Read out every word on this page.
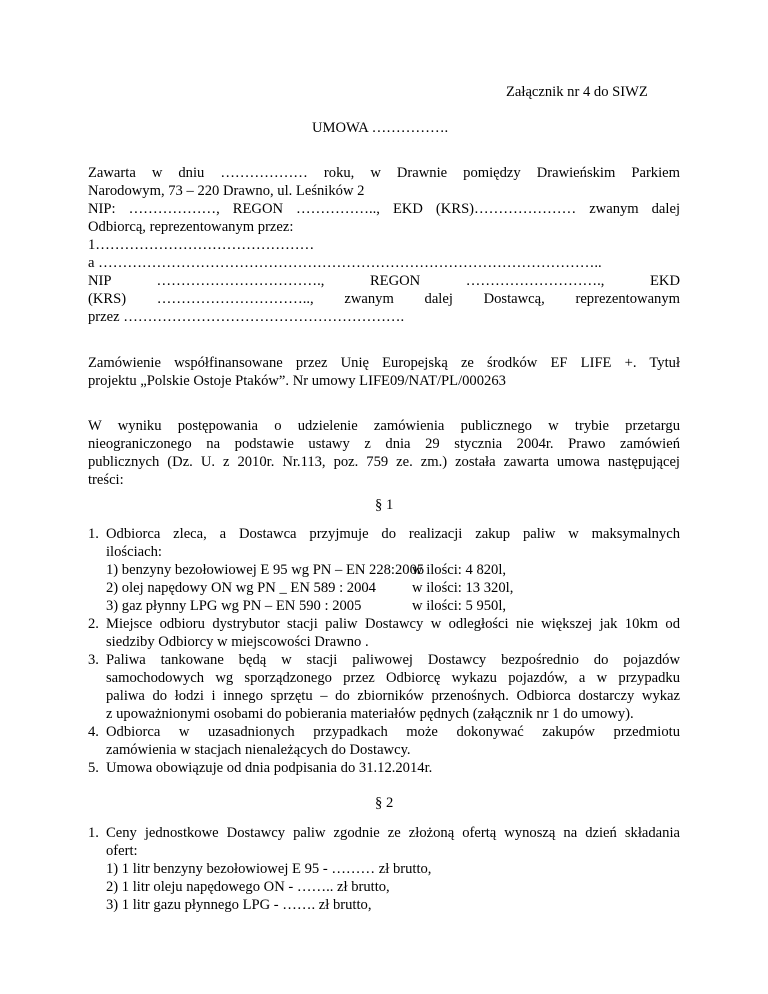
Załącznik nr 4 do SIWZ
UMOWA …………….
Zawarta w dniu ……………… roku, w Drawnie pomiędzy Drawieńskim Parkiem
Narodowym, 73 – 220 Drawno, ul. Leśników 2
NIP: ………………, REGON …………….., EKD (KRS)………………… zwanym dalej
Odbiorcą, reprezentowanym przez:
1………………………………………
a …………………………………………………………………………………………..
NIP ……………………………., REGON ………………………., EKD
(KRS) ………………………….., zwanym dalej Dostawcą, reprezentowanym
przez ………………………………………………….
Zamówienie współfinansowane przez Unię Europejską ze środków EF LIFE +. Tytuł
projektu „Polskie Ostoje Ptaków”. Nr umowy LIFE09/NAT/PL/000263
W wyniku postępowania o udzielenie zamówienia publicznego w trybie przetargu
nieograniczonego na podstawie ustawy z dnia 29 stycznia 2004r. Prawo zamówień
publicznych (Dz. U. z 2010r. Nr.113, poz. 759 ze. zm.) została zawarta umowa następującej
treści:
§ 1
1. Odbiorca zleca, a Dostawca przyjmuje do realizacji zakup paliw w maksymalnych
ilościach:
1) benzyny bezołowiowej E 95 wg PN – EN 228:2005
w ilości: 4 820l,
2) olej napędowy ON wg PN _ EN 589 : 2004 w ilości: 13 320l,
3) gaz płynny LPG wg PN – EN 590 : 2005	w ilości: 5 950l,
2. Miejsce odbioru dystrybutor stacji paliw Dostawcy w odległości nie większej jak 10km od
siedziby Odbiorcy w miejscowości Drawno .
3. Paliwa tankowane będą w stacji paliwowej Dostawcy bezpośrednio do pojazdów
samochodowych wg sporządzonego przez Odbiorcę wykazu pojazdów, a w przypadku
paliwa do łodzi i innego sprzętu – do zbiorników przenośnych. Odbiorca dostarczy wykaz
z upoważnionymi osobami do pobierania materiałów pędnych (załącznik nr 1 do umowy).
4. Odbiorca w uzasadnionych przypadkach może dokonywać zakupów przedmiotu
zamówienia w stacjach nienależących do Dostawcy.
5. Umowa obowiązuje od dnia podpisania do 31.12.2014r.
§ 2
1. Ceny jednostkowe Dostawcy paliw zgodnie ze złożoną ofertą wynoszą na dzień składania
ofert:
1) 1 litr benzyny bezołowiowej E 95 - ……… zł brutto,
2) 1 litr oleju napędowego ON - …….. zł brutto,
3) 1 litr gazu płynnego LPG - ……. zł brutto,
